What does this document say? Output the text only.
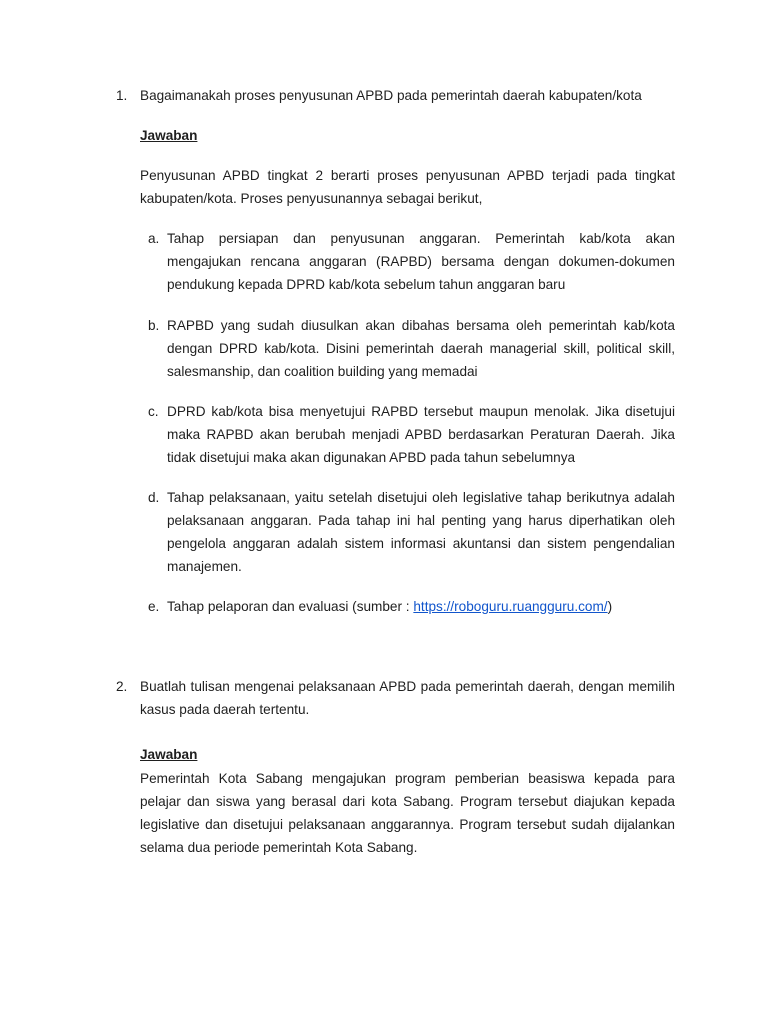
1. Bagaimanakah proses penyusunan APBD pada pemerintah daerah kabupaten/kota
Jawaban
Penyusunan APBD tingkat 2 berarti proses penyusunan APBD terjadi pada tingkat kabupaten/kota. Proses penyusunannya sebagai berikut,
a. Tahap persiapan dan penyusunan anggaran. Pemerintah kab/kota akan mengajukan rencana anggaran (RAPBD) bersama dengan dokumen-dokumen pendukung kepada DPRD kab/kota sebelum tahun anggaran baru
b. RAPBD yang sudah diusulkan akan dibahas bersama oleh pemerintah kab/kota dengan DPRD kab/kota. Disini pemerintah daerah managerial skill, political skill, salesmanship, dan coalition building yang memadai
c. DPRD kab/kota bisa menyetujui RAPBD tersebut maupun menolak. Jika disetujui maka RAPBD akan berubah menjadi APBD berdasarkan Peraturan Daerah. Jika tidak disetujui maka akan digunakan APBD pada tahun sebelumnya
d. Tahap pelaksanaan, yaitu setelah disetujui oleh legislative tahap berikutnya adalah pelaksanaan anggaran. Pada tahap ini hal penting yang harus diperhatikan oleh pengelola anggaran adalah sistem informasi akuntansi dan sistem pengendalian manajemen.
e. Tahap pelaporan dan evaluasi (sumber : https://roboguru.ruangguru.com/)
2. Buatlah tulisan mengenai pelaksanaan APBD pada pemerintah daerah, dengan memilih kasus pada daerah tertentu.
Jawaban
Pemerintah Kota Sabang mengajukan program pemberian beasiswa kepada para pelajar dan siswa yang berasal dari kota Sabang. Program tersebut diajukan kepada legislative dan disetujui pelaksanaan anggarannya. Program tersebut sudah dijalankan selama dua periode pemerintah Kota Sabang.
